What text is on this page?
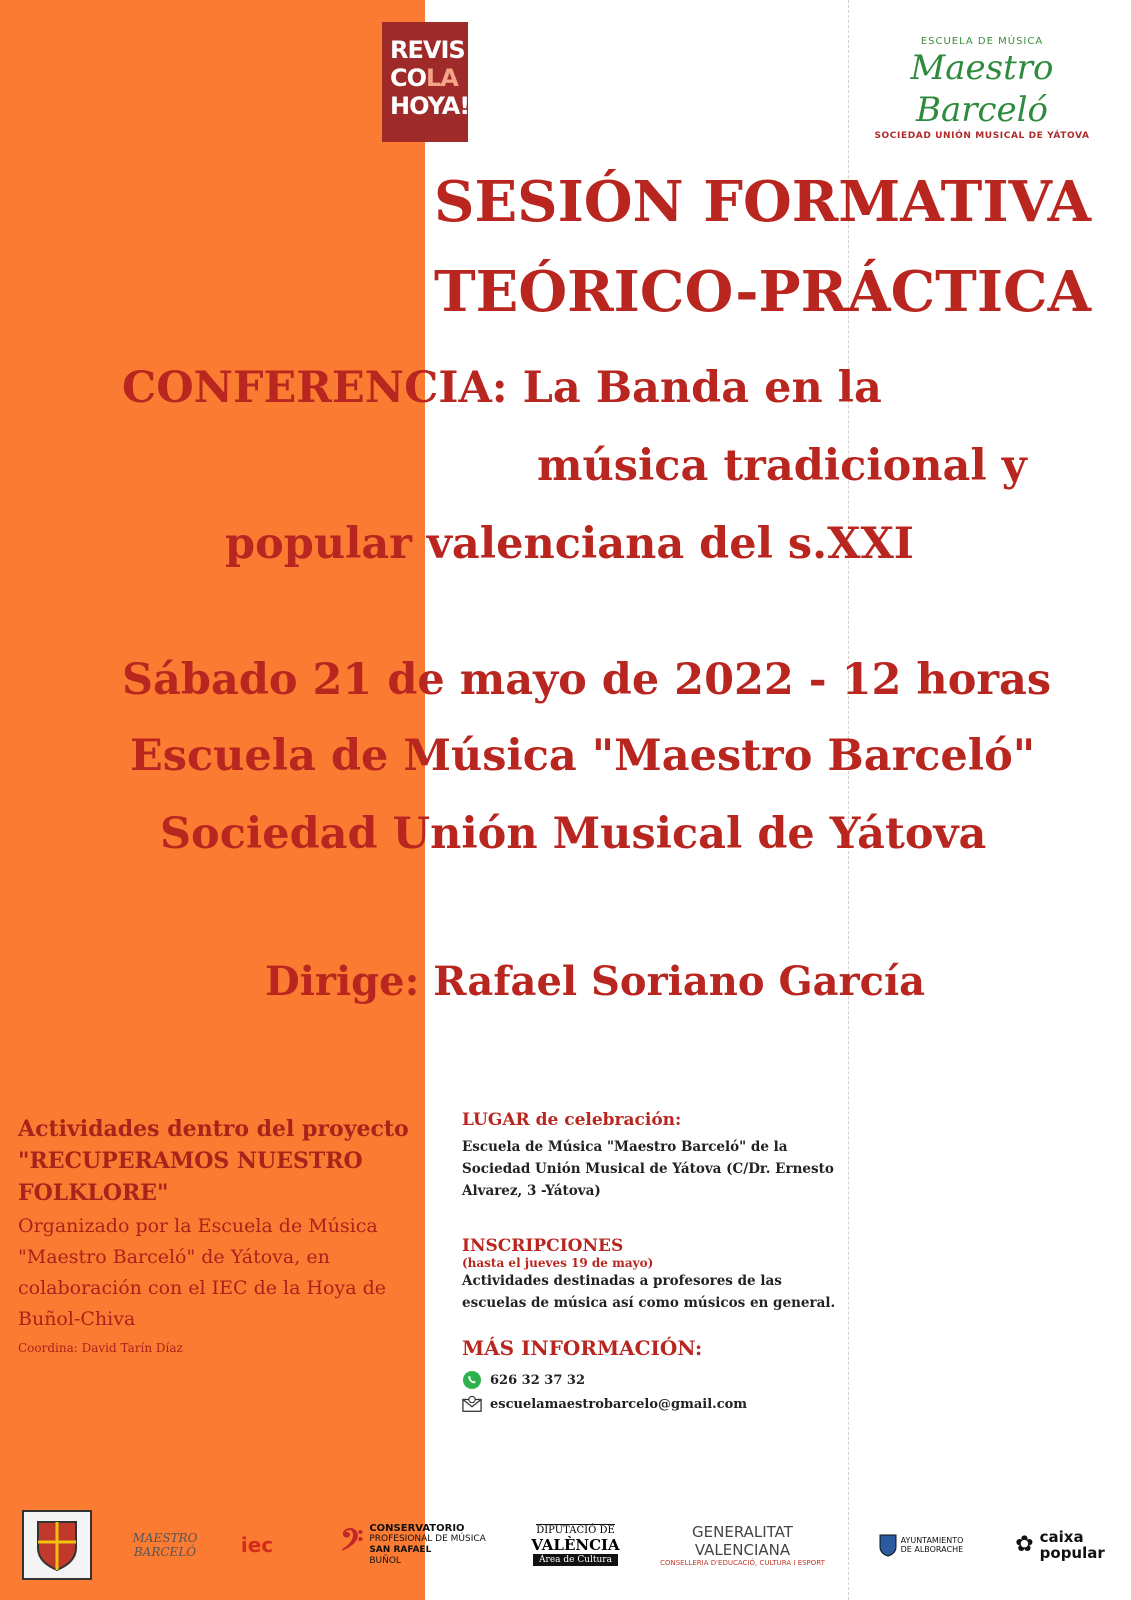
REVIS
COLA
HOYA!
ESCUELA DE MÚSICA
Maestro Barceló
SOCIEDAD UNIÓN MUSICAL DE YÁTOVA
SESIÓN FORMATIVA
TEÓRICO-PRÁCTICA
CONFERENCIA: La Banda en la
música tradicional y
popular valenciana del s.XXI
Sábado 21 de mayo de 2022 - 12 horas
Escuela de Música "Maestro Barceló"
Sociedad Unión Musical de Yátova
Dirige: Rafael Soriano García
Actividades dentro del proyecto "RECUPERAMOS NUESTRO FOLKLORE"
Organizado por la Escuela de Música "Maestro Barceló" de Yátova, en colaboración con el IEC de la Hoya de Buñol-Chiva
Coordina: David Tarín Díaz
LUGAR de celebración:
Escuela de Música "Maestro Barceló" de la Sociedad Unión Musical de Yátova (C/Dr. Ernesto Alvarez, 3 -Yátova)
INSCRIPCIONES
(hasta el jueves 19 de mayo)
Actividades destinadas a profesores de las escuelas de música así como músicos en general.
MÁS INFORMACIÓN:
626 32 37 32
escuelamaestrobarcelo@gmail.com
MAESTRO
BARCELÓ	iec	𝄢 CONSERVATORIO
PROFESIONAL DE MÚSICA
SAN RAFAEL
BUÑOL
DIPUTACIÓ DE
VALÈNCIA
Àrea de Cultura
GENERALITAT VALENCIANA
CONSELLERIA D'EDUCACIÓ, CULTURA I ESPORT
AYUNTAMIENTO
DE ALBORACHE ✿ caixa
popular
